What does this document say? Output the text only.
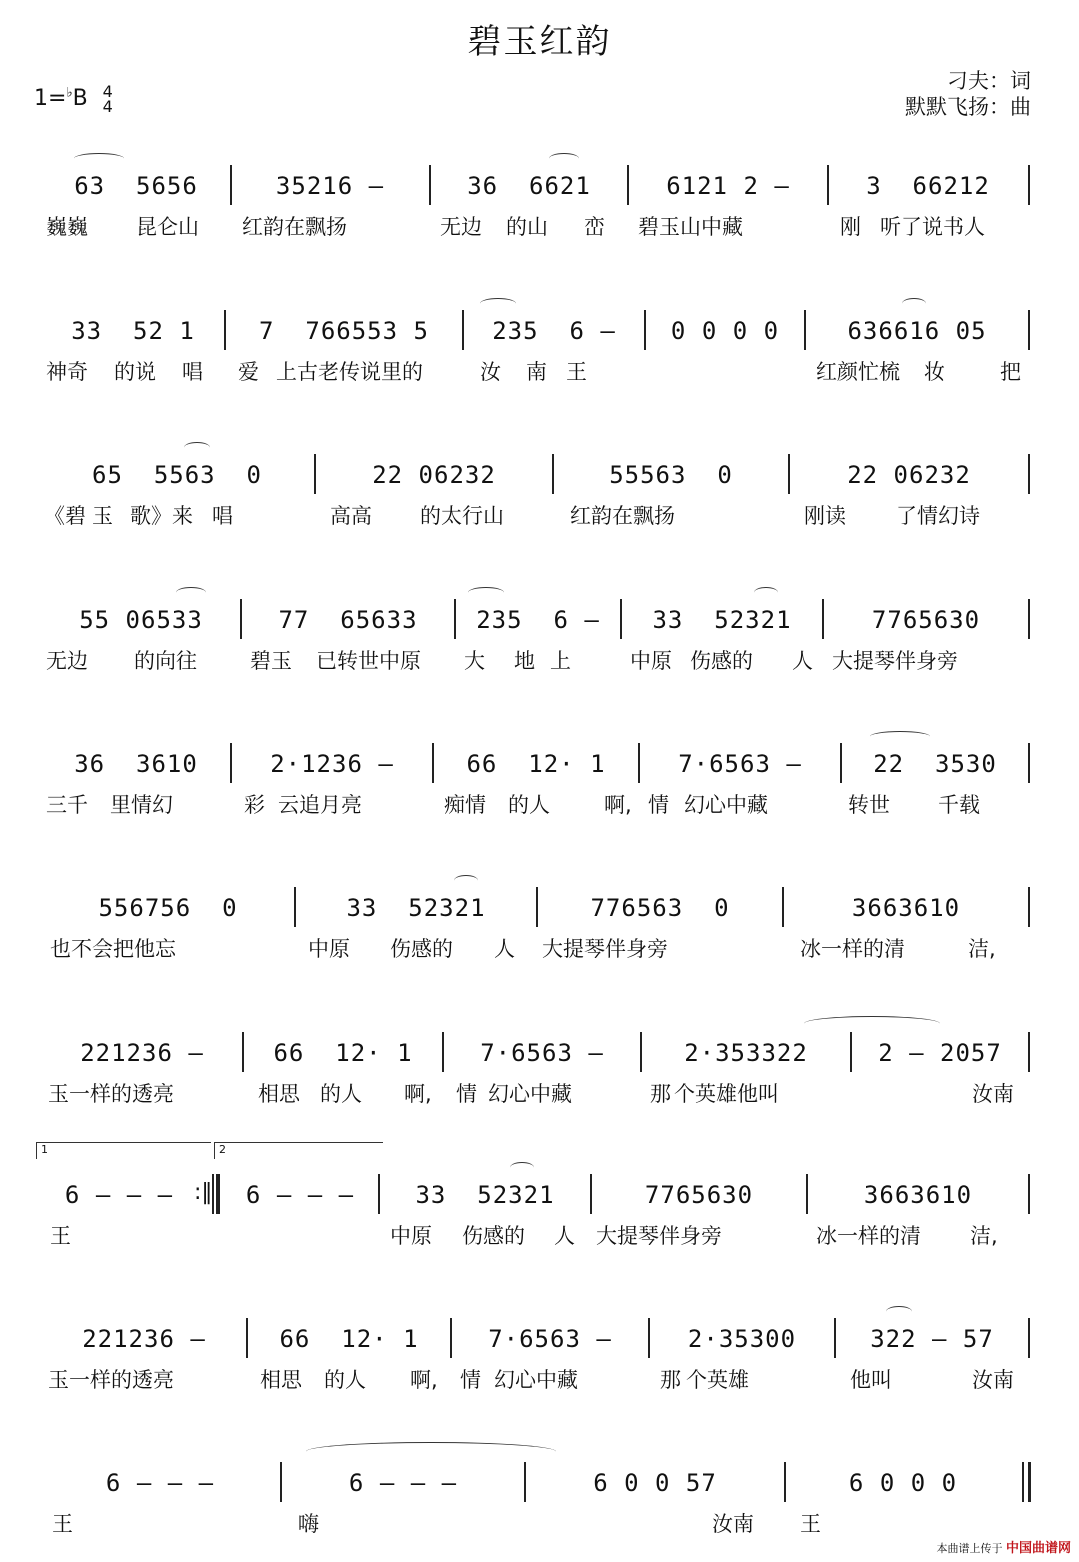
碧玉红韵
1=♭B 4
4
刁夫：词
默默飞扬：曲
63  5656	35216 –	36  6621	6121 2 –	3  66212
巍巍 昆仑山 红韵在飘扬	无边 的山 峦 碧玉山中藏	刚 听了说书人
33  52 1	7  766553 5	235  6 –	0 0 0 0	636616 05
神奇 的说 唱 爱 上古老传说里的	汝 南 王	红颜忙梳 妆	把
65  5563  0	22 06232	55563  0	22 06232
《碧 玉 歌》来 唱	高高 的太行山	红韵在飘扬	刚读 了情幻诗
55 06533	77  65633	235  6 –	33  52321	7765630
无边 的向往	碧玉 已转世中原 大 地 上	中原 伤感的 人 大提琴伴身旁
36  3610	2·1236 –	66  12· 1	7·6563 –	22  3530
三千 里情幻	彩 云追月亮	痴情 的人	啊, 情 幻心中藏	转世 千载
556756  0	33  52321	776563  0	3663610
也不会把他忘	中原 伤感的 人 大提琴伴身旁	冰一样的清	洁,
221236 –	66  12· 1	7·6563 –	2·353322	2 – 2057
玉一样的透亮	相思 的人 啊, 情 幻心中藏	那 个英雄他叫	汝南
1	2
6 – – – :‖	6 – – –	33  52321	7765630	3663610
王	中原 伤感的 人 大提琴伴身旁	冰一样的清 洁,
221236 –	66  12· 1	7·6563 –	2·35300	322 – 57
玉一样的透亮	相思 的人 啊, 情 幻心中藏	那 个英雄	他叫	汝南
6 – – –	6 – – –	6 0 0 57	6 0 0 0
王	嗨	汝南 王
本曲谱上传于 中国曲谱网
